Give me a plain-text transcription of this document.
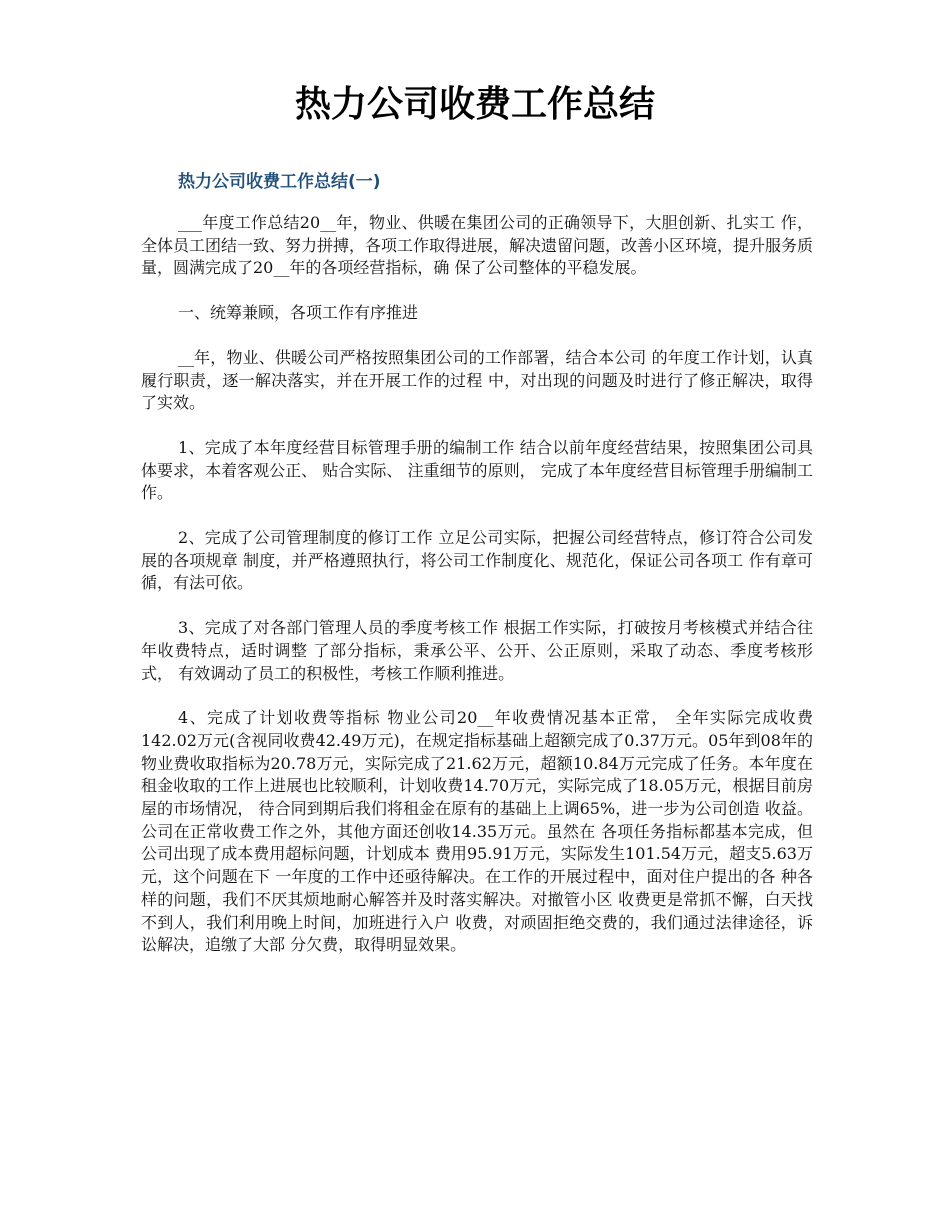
热力公司收费工作总结
热力公司收费工作总结(一)

___年度工作总结20__年，物业、供暖在集团公司的正确领导下，大胆创新、扎实工 作，全体员工团结一致、努力拼搏，各项工作取得进展，解决遗留问题，改善小区环境，提升服务质量，圆满完成了20__年的各项经营指标，确 保了公司整体的平稳发展。

一、统筹兼顾，各项工作有序推进

__年，物业、供暖公司严格按照集团公司的工作部署，结合本公司 的年度工作计划，认真履行职责，逐一解决落实，并在开展工作的过程 中，对出现的问题及时进行了修正解决，取得了实效。

1、完成了本年度经营目标管理手册的编制工作 结合以前年度经营结果，按照集团公司具体要求，本着客观公正、 贴合实际、 注重细节的原则， 完成了本年度经营目标管理手册编制工作。

2、完成了公司管理制度的修订工作 立足公司实际，把握公司经营特点，修订符合公司发展的各项规章 制度，并严格遵照执行，将公司工作制度化、规范化，保证公司各项工 作有章可循，有法可依。

3、完成了对各部门管理人员的季度考核工作 根据工作实际，打破按月考核模式并结合往年收费特点，适时调整 了部分指标，秉承公平、公开、公正原则，采取了动态、季度考核形式， 有效调动了员工的积极性，考核工作顺利推进。

4、完成了计划收费等指标 物业公司20__年收费情况基本正常， 全年实际完成收费142.02万元(含视同收费42.49万元)，在规定指标基础上超额完成了0.37万元。05年到08年的物业费收取指标为20.78万元，实际完成了21.62万元，超额10.84万元完成了任务。本年度在租金收取的工作上进展也比较顺利，计划收费14.70万元，实际完成了18.05万元，根据目前房屋的市场情况， 待合同到期后我们将租金在原有的基础上上调65%，进一步为公司创造 收益。公司在正常收费工作之外，其他方面还创收14.35万元。虽然在 各项任务指标都基本完成，但公司出现了成本费用超标问题，计划成本 费用95.91万元，实际发生101.54万元，超支5.63万元，这个问题在下 一年度的工作中还亟待解决。在工作的开展过程中，面对住户提出的各 种各样的问题，我们不厌其烦地耐心解答并及时落实解决。对撤管小区 收费更是常抓不懈，白天找不到人，我们利用晚上时间，加班进行入户 收费，对顽固拒绝交费的，我们通过法律途径，诉讼解决，追缴了大部 分欠费，取得明显效果。
